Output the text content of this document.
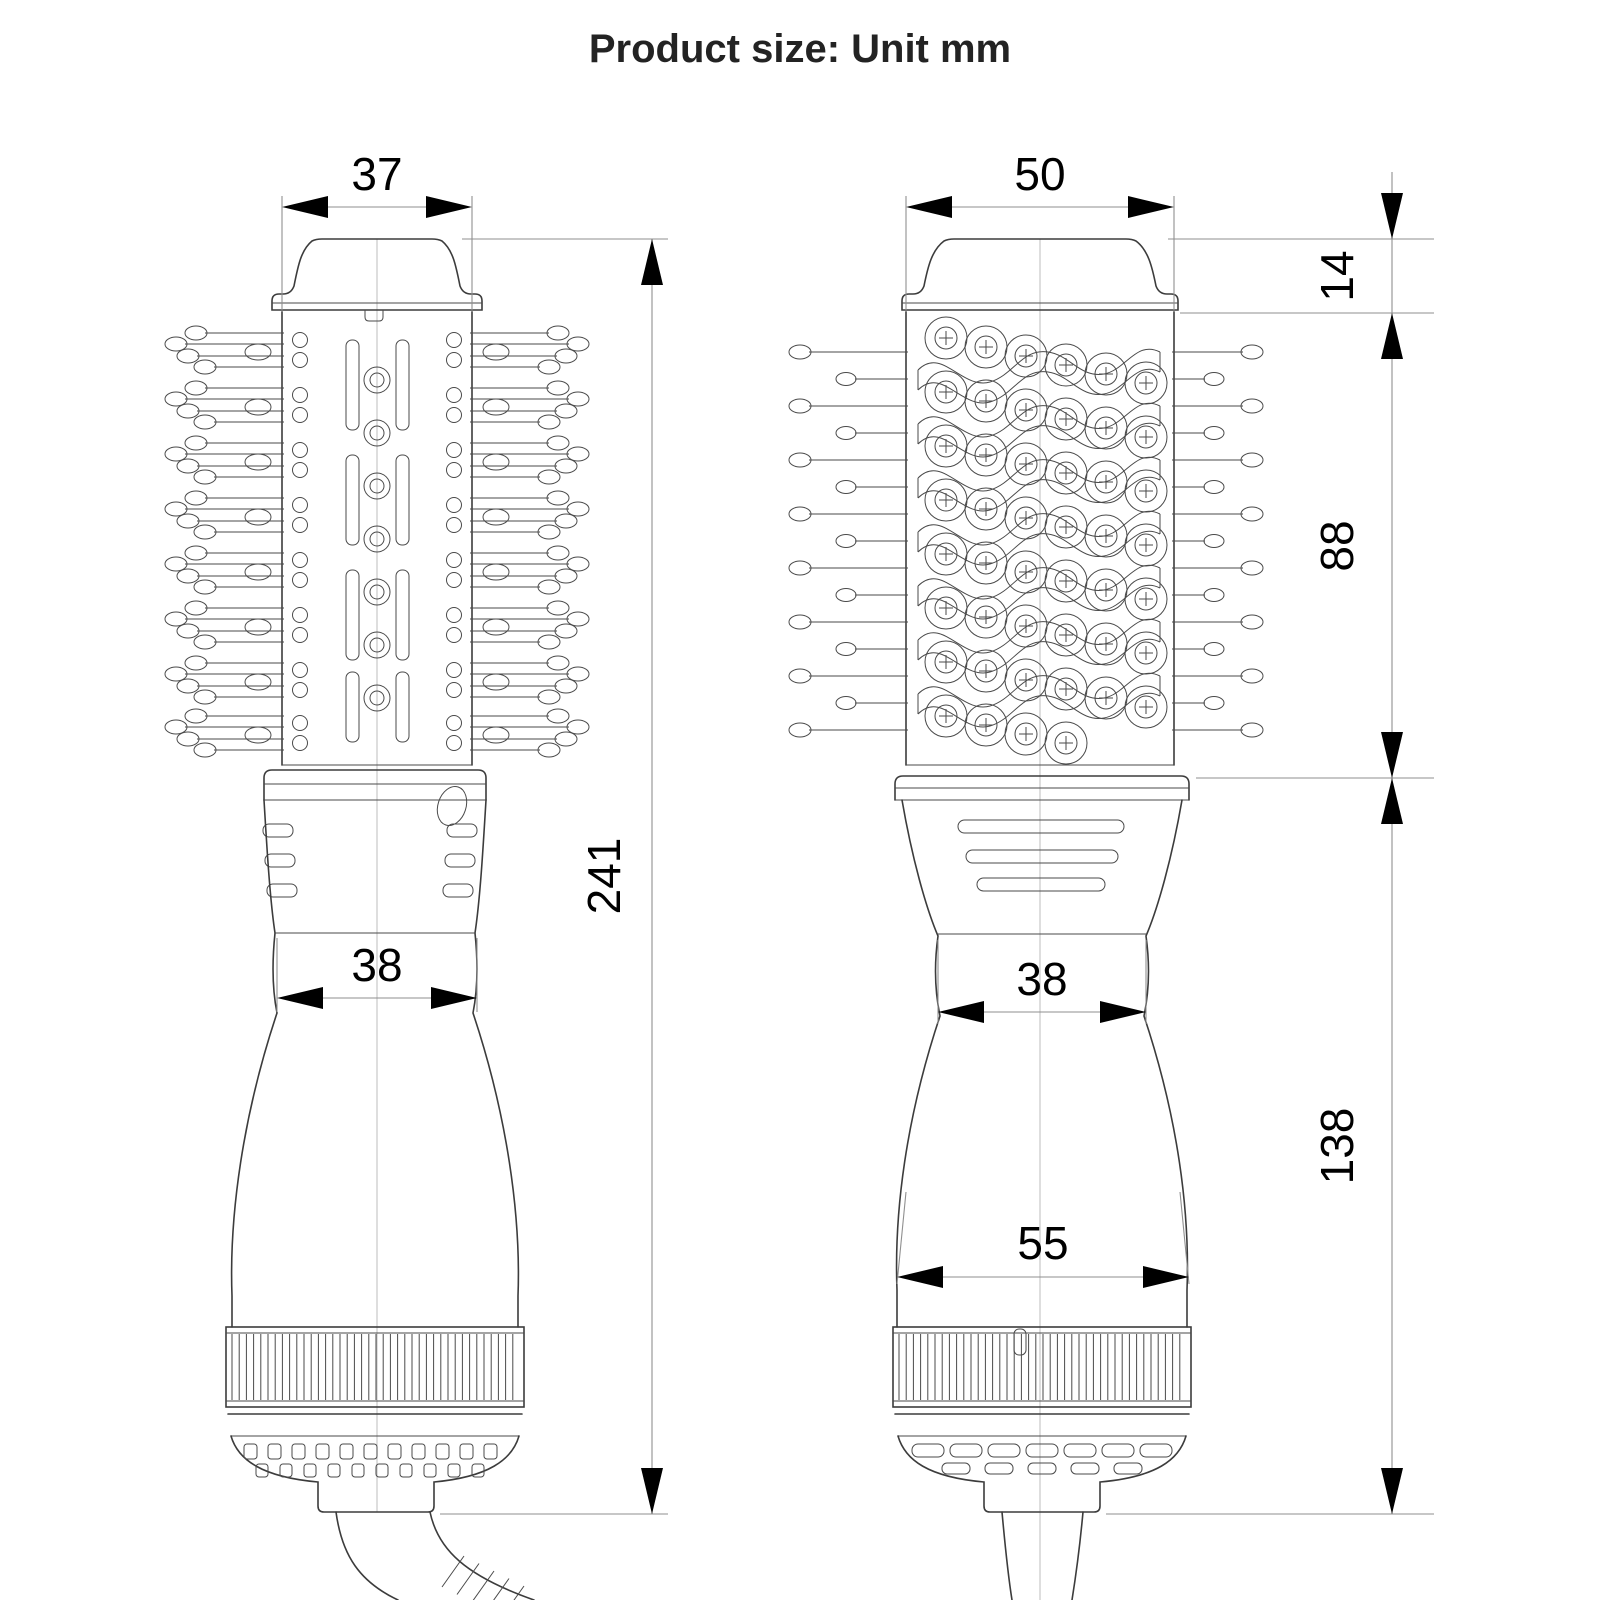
Product size: Unit mm
37
38
241
50
38
55
14
88
138
